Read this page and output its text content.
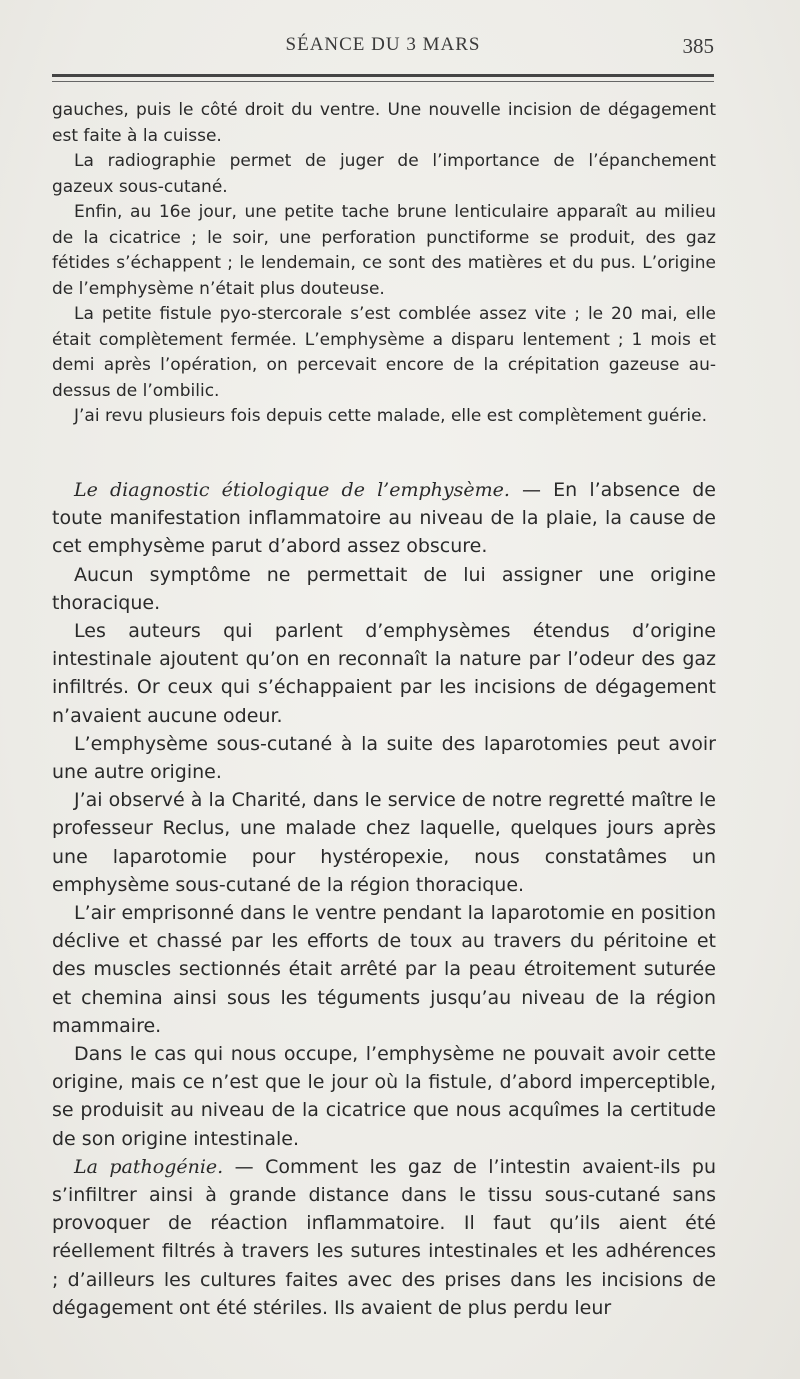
SÉANCE DU 3 MARS	385

gauches, puis le côté droit du ventre. Une nouvelle incision de dégagement est faite à la cuisse.

La radiographie permet de juger de l’importance de l’épanchement gazeux sous-cutané.

Enfin, au 16e jour, une petite tache brune lenticulaire apparaît au milieu de la cicatrice ; le soir, une perforation punctiforme se produit, des gaz fétides s’échappent ; le lendemain, ce sont des matières et du pus. L’origine de l’emphysème n’était plus douteuse.

La petite fistule pyo-stercorale s’est comblée assez vite ; le 20 mai, elle était complètement fermée. L’emphysème a disparu lentement ; 1 mois et demi après l’opération, on percevait encore de la crépitation gazeuse au-dessus de l’ombilic.

J’ai revu plusieurs fois depuis cette malade, elle est complètement guérie.

Le diagnostic étiologique de l’emphysème. — En l’absence de toute manifestation inflammatoire au niveau de la plaie, la cause de cet emphysème parut d’abord assez obscure.

Aucun symptôme ne permettait de lui assigner une origine thoracique.

Les auteurs qui parlent d’emphysèmes étendus d’origine intestinale ajoutent qu’on en reconnaît la nature par l’odeur des gaz infiltrés. Or ceux qui s’échappaient par les incisions de dégagement n’avaient aucune odeur.

L’emphysème sous-cutané à la suite des laparotomies peut avoir une autre origine.

J’ai observé à la Charité, dans le service de notre regretté maître le professeur Reclus, une malade chez laquelle, quelques jours après une laparotomie pour hystéropexie, nous constatâmes un emphysème sous-cutané de la région thoracique.

L’air emprisonné dans le ventre pendant la laparotomie en position déclive et chassé par les efforts de toux au travers du péritoine et des muscles sectionnés était arrêté par la peau étroitement suturée et chemina ainsi sous les téguments jusqu’au niveau de la région mammaire.

Dans le cas qui nous occupe, l’emphysème ne pouvait avoir cette origine, mais ce n’est que le jour où la fistule, d’abord imperceptible, se produisit au niveau de la cicatrice que nous acquîmes la certitude de son origine intestinale.

La pathogénie. — Comment les gaz de l’intestin avaient-ils pu s’infiltrer ainsi à grande distance dans le tissu sous-cutané sans provoquer de réaction inflammatoire. Il faut qu’ils aient été réellement filtrés à travers les sutures intestinales et les adhérences ; d’ailleurs les cultures faites avec des prises dans les incisions de dégagement ont été stériles. Ils avaient de plus perdu leur
